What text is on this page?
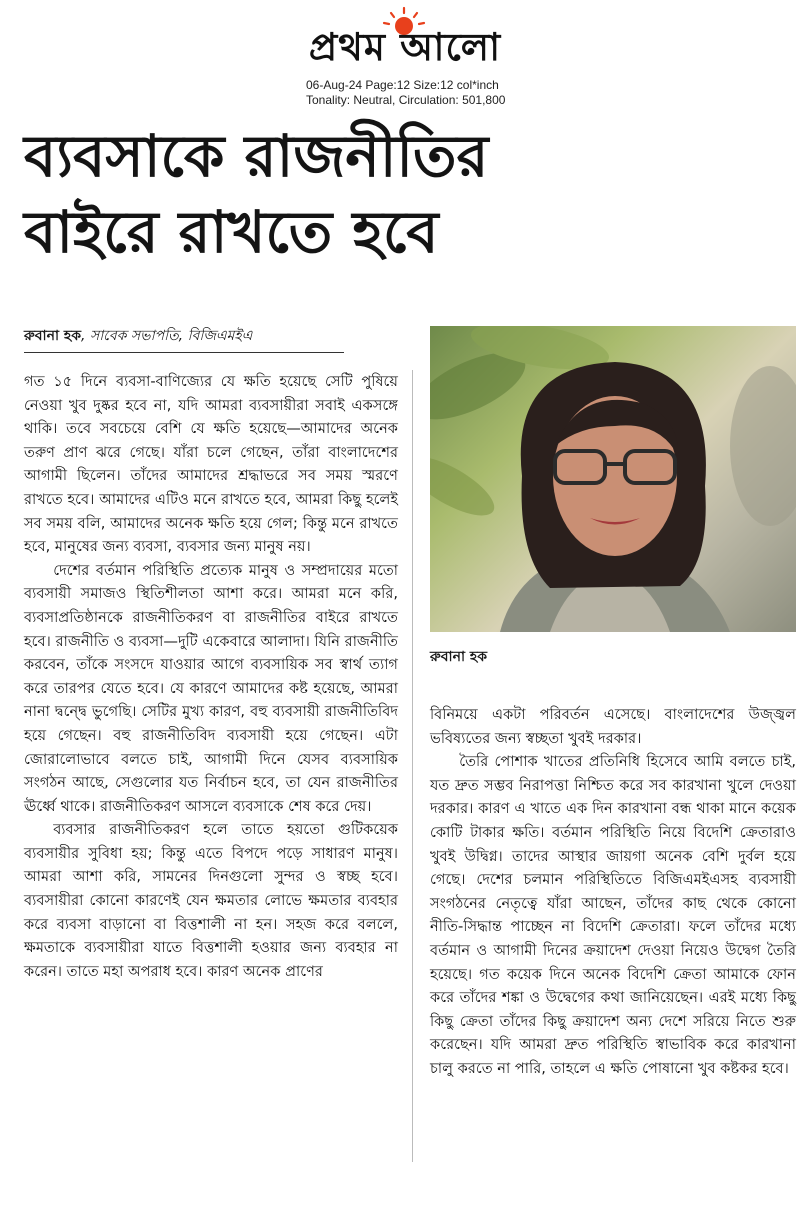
প্রথম আলো
06-Aug-24 Page:12 Size:12 col*inch
Tonality: Neutral, Circulation: 501,800
ব্যবসাকে রাজনীতির
বাইরে রাখতে হবে
রুবানা হক, সাবেক সভাপতি, বিজিএমইএ
রুবানা হক

গত ১৫ দিনে ব্যবসা-বাণিজ্যের যে ক্ষতি হয়েছে সেটি পুষিয়ে নেওয়া খুব দুষ্কর হবে না, যদি আমরা ব্যবসায়ীরা সবাই একসঙ্গে থাকি। তবে সবচেয়ে বেশি যে ক্ষতি হয়েছে—আমাদের অনেক তরুণ প্রাণ ঝরে গেছে। যাঁরা চলে গেছেন, তাঁরা বাংলাদেশের আগামী ছিলেন। তাঁদের আমাদের শ্রদ্ধাভরে সব সময় স্মরণে রাখতে হবে। আমাদের এটিও মনে রাখতে হবে, আমরা কিছু হলেই সব সময় বলি, আমাদের অনেক ক্ষতি হয়ে গেল; কিন্তু মনে রাখতে হবে, মানুষের জন্য ব্যবসা, ব্যবসার জন্য মানুষ নয়।

দেশের বর্তমান পরিস্থিতি প্রত্যেক মানুষ ও সম্প্রদায়ের মতো ব্যবসায়ী সমাজও স্থিতিশীলতা আশা করে। আমরা মনে করি, ব্যবসাপ্রতিষ্ঠানকে রাজনীতিকরণ বা রাজনীতির বাইরে রাখতে হবে। রাজনীতি ও ব্যবসা—দুটি একেবারে আলাদা। যিনি রাজনীতি করবেন, তাঁকে সংসদে যাওয়ার আগে ব্যবসায়িক সব স্বার্থ ত্যাগ করে তারপর যেতে হবে। যে কারণে আমাদের কষ্ট হয়েছে, আমরা নানা দ্বন্দ্বে ভুগেছি। সেটির মুখ্য কারণ, বহু ব্যবসায়ী রাজনীতিবিদ হয়ে গেছেন। বহু রাজনীতিবিদ ব্যবসায়ী হয়ে গেছেন। এটা জোরালোভাবে বলতে চাই, আগামী দিনে যেসব ব্যবসায়িক সংগঠন আছে, সেগুলোর যত নির্বাচন হবে, তা যেন রাজনীতির ঊর্ধ্বে থাকে। রাজনীতিকরণ আসলে ব্যবসাকে শেষ করে দেয়।

ব্যবসার রাজনীতিকরণ হলে তাতে হয়তো গুটিকয়েক ব্যবসায়ীর সুবিধা হয়; কিন্তু এতে বিপদে পড়ে সাধারণ মানুষ। আমরা আশা করি, সামনের দিনগুলো সুন্দর ও স্বচ্ছ হবে। ব্যবসায়ীরা কোনো কারণেই যেন ক্ষমতার লোভে ক্ষমতার ব্যবহার করে ব্যবসা বাড়ানো বা বিত্তশালী না হন। সহজ করে বললে, ক্ষমতাকে ব্যবসায়ীরা যাতে বিত্তশালী হওয়ার জন্য ব্যবহার না করেন। তাতে মহা অপরাধ হবে। কারণ অনেক প্রাণের

বিনিময়ে একটা পরিবর্তন এসেছে। বাংলাদেশের উজ্জ্বল ভবিষ্যতের জন্য স্বচ্ছতা খুবই দরকার।

তৈরি পোশাক খাতের প্রতিনিধি হিসেবে আমি বলতে চাই, যত দ্রুত সম্ভব নিরাপত্তা নিশ্চিত করে সব কারখানা খুলে দেওয়া দরকার। কারণ এ খাতে এক দিন কারখানা বন্ধ থাকা মানে কয়েক কোটি টাকার ক্ষতি। বর্তমান পরিস্থিতি নিয়ে বিদেশি ক্রেতারাও খুবই উদ্বিগ্ন। তাদের আস্থার জায়গা অনেক বেশি দুর্বল হয়ে গেছে। দেশের চলমান পরিস্থিতিতে বিজিএমইএসহ ব্যবসায়ী সংগঠনের নেতৃত্বে যাঁরা আছেন, তাঁদের কাছ থেকে কোনো নীতি-সিদ্ধান্ত পাচ্ছেন না বিদেশি ক্রেতারা। ফলে তাঁদের মধ্যে বর্তমান ও আগামী দিনের ক্রয়াদেশ দেওয়া নিয়েও উদ্বেগ তৈরি হয়েছে। গত কয়েক দিনে অনেক বিদেশি ক্রেতা আমাকে ফোন করে তাঁদের শঙ্কা ও উদ্বেগের কথা জানিয়েছেন। এরই মধ্যে কিছু কিছু ক্রেতা তাঁদের কিছু ক্রয়াদেশ অন্য দেশে সরিয়ে নিতে শুরু করেছেন। যদি আমরা দ্রুত পরিস্থিতি স্বাভাবিক করে কারখানা চালু করতে না পারি, তাহলে এ ক্ষতি পোষানো খুব কষ্টকর হবে।
